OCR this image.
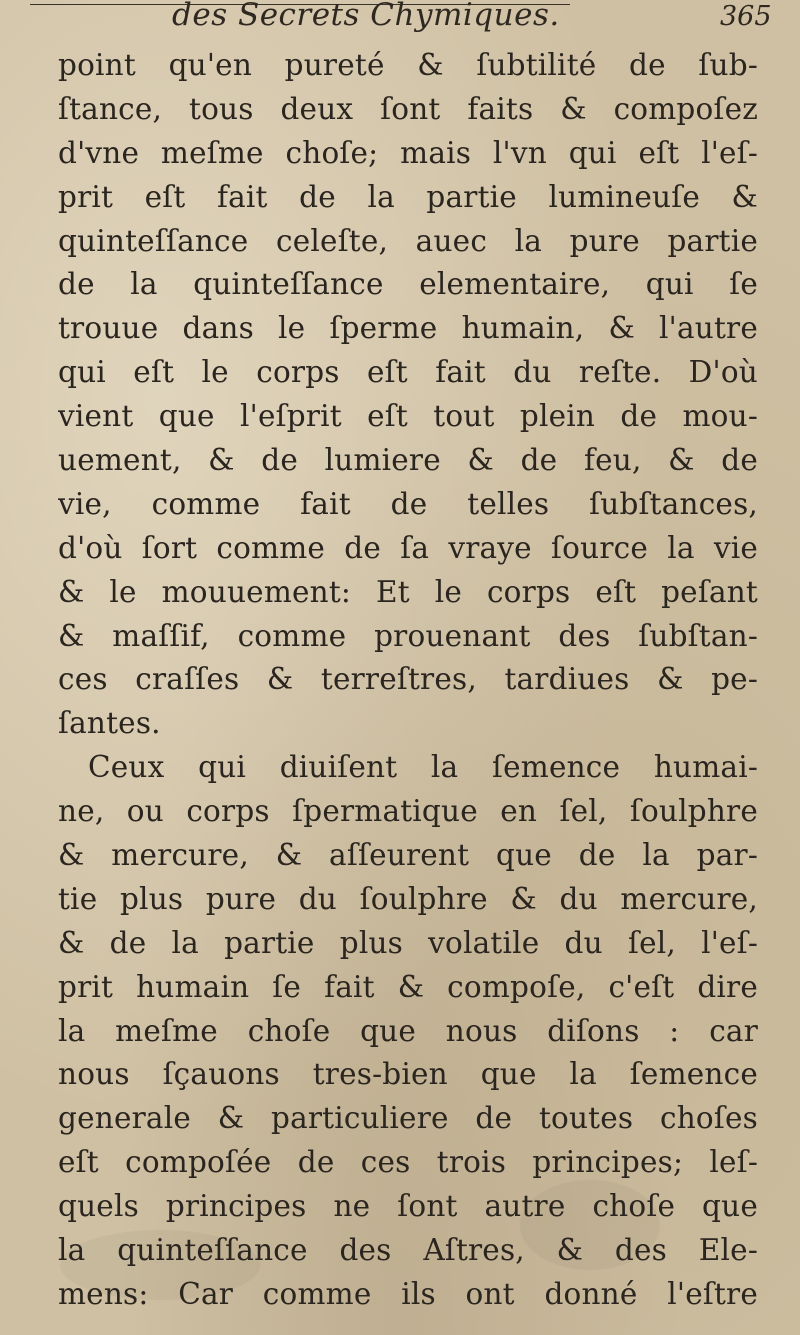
des Secrets Chymiques.	365
point qu'en pureté & ſubtilité de ſub-
ſtance, tous deux ſont faits & compoſez
d'vne meſme choſe; mais l'vn qui eſt l'eſ-
prit eſt fait de la partie lumineuſe &
quinteſſance celeſte, auec la pure partie
de la quinteſſance elementaire, qui ſe
trouue dans le ſperme humain, & l'autre
qui eſt le corps eſt fait du reſte. D'où
vient que l'eſprit eſt tout plein de mou-
uement, & de lumiere & de feu, & de
vie, comme fait de telles ſubſtances,
d'où ſort comme de ſa vraye ſource la vie
& le mouuement: Et le corps eſt peſant
& maſſif, comme prouenant des ſubſtan-
ces craſſes & terreſtres, tardiues & pe-
ſantes.
Ceux qui diuiſent la ſemence humai-
ne, ou corps ſpermatique en ſel, ſoulphre
& mercure, & aſſeurent que de la par-
tie plus pure du ſoulphre & du mercure,
& de la partie plus volatile du ſel, l'eſ-
prit humain ſe fait & compoſe, c'eſt dire
la meſme choſe que nous diſons : car
nous ſçauons tres-bien que la ſemence
generale & particuliere de toutes choſes
eſt compoſée de ces trois principes; leſ-
quels principes ne ſont autre choſe que
la quinteſſance des Aſtres, & des Ele-
mens: Car comme ils ont donné l'eſtre
